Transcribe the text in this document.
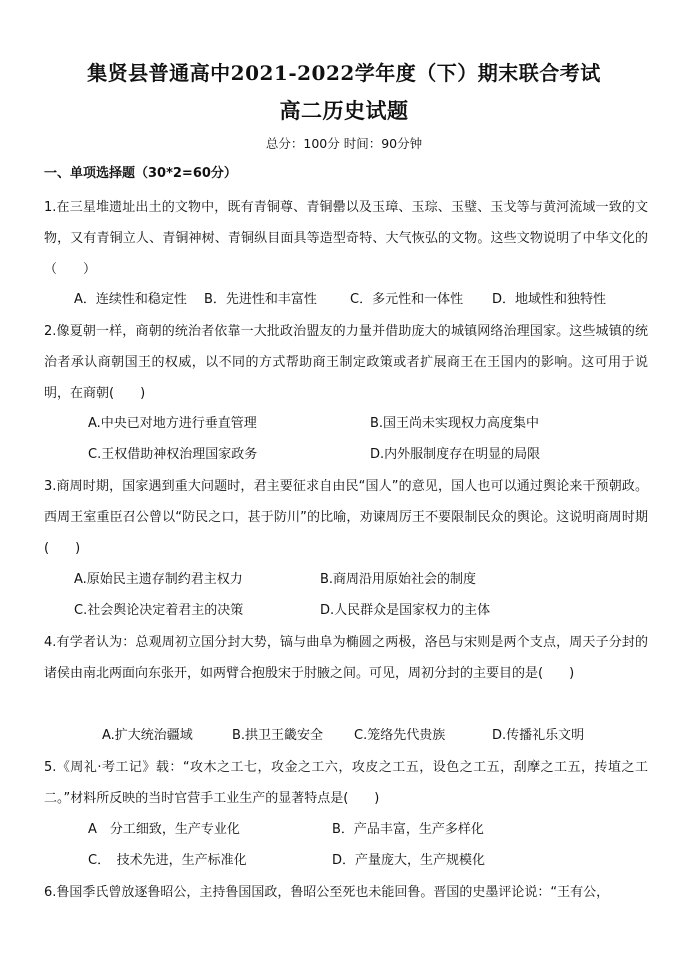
集贤县普通高中2021-2022学年度（下）期末联合考试
高二历史试题
总分：100分 时间：90分钟
一、单项选择题（30*2=60分）
1.在三星堆遗址出土的文物中，既有青铜尊、青铜罍以及玉璋、玉琮、玉璧、玉戈等与黄河流域一致的文物，又有青铜立人、青铜神树、青铜纵目面具等造型奇特、大气恢弘的文物。这些文物说明了中华文化的（　　）
A．连续性和稳定性 B．先进性和丰富性	C．多元性和一体性 D．地域性和独特性
2.像夏朝一样，商朝的统治者依靠一大批政治盟友的力量并借助庞大的城镇网络治理国家。这些城镇的统治者承认商朝国王的权威，以不同的方式帮助商王制定政策或者扩展商王在王国内的影响。这可用于说明，在商朝(　　)
A.中央已对地方进行垂直管理	B.国王尚未实现权力高度集中
C.王权借助神权治理国家政务	D.内外服制度存在明显的局限
3.商周时期，国家遇到重大问题时，君主要征求自由民“国人”的意见，国人也可以通过舆论来干预朝政。西周王室重臣召公曾以“防民之口，甚于防川”的比喻，劝谏周厉王不要限制民众的舆论。这说明商周时期(　　)
A.原始民主遗存制约君主权力	B.商周沿用原始社会的制度
C.社会舆论决定着君主的决策	D.人民群众是国家权力的主体
4.有学者认为：总观周初立国分封大势，镐与曲阜为椭圆之两极，洛邑与宋则是两个支点，周天子分封的诸侯由南北两面向东张开，如两臂合抱殷宋于肘腋之间。可见，周初分封的主要目的是(　　)
A.扩大统治疆域	B.拱卫王畿安全 C.笼络先代贵族	D.传播礼乐文明
5.《周礼·考工记》载：“攻木之工七，攻金之工六，攻皮之工五，设色之工五，刮摩之工五，抟埴之工二。”材料所反映的当时官营手工业生产的显著特点是(　　)
A　分工细致，生产专业化	B．产品丰富，生产多样化
C．　技术先进，生产标准化	D．产量庞大，生产规模化
6.鲁国季氏曾放逐鲁昭公，主持鲁国国政，鲁昭公至死也未能回鲁。晋国的史墨评论说：“王有公，
